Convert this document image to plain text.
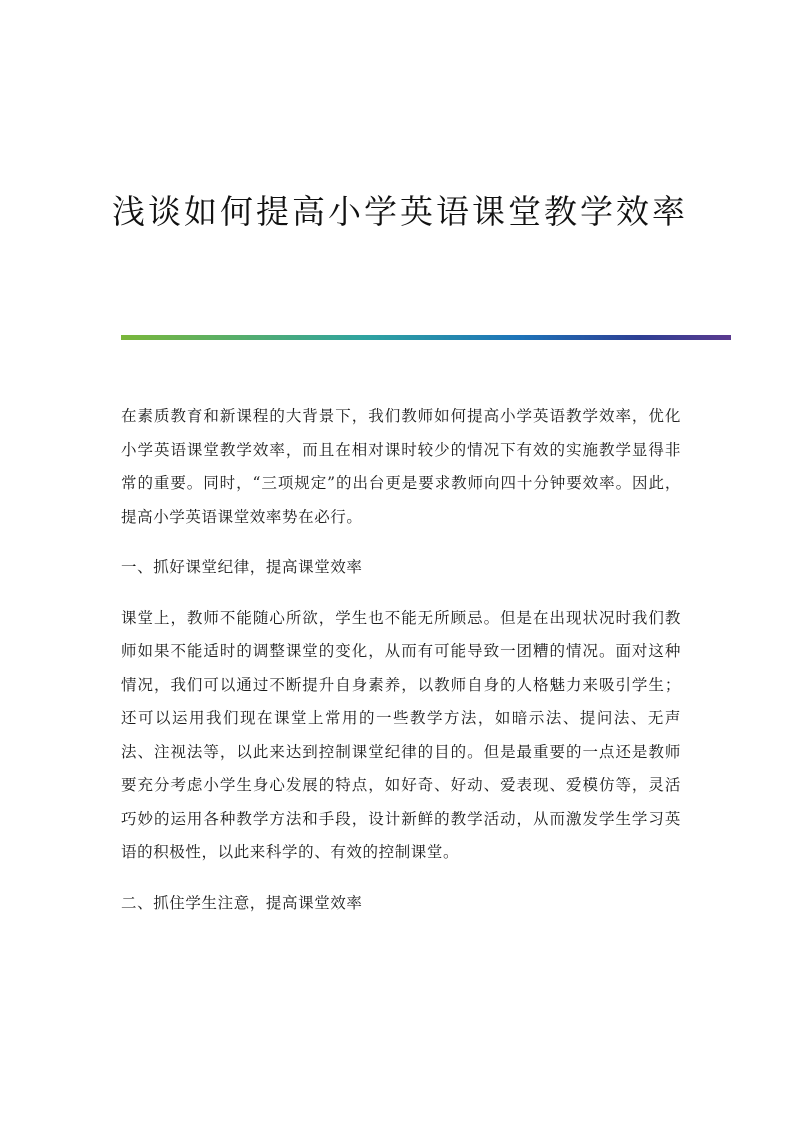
浅谈如何提高小学英语课堂教学效率

在素质教育和新课程的大背景下，我们教师如何提高小学英语教学效率，优化小学英语课堂教学效率，而且在相对课时较少的情况下有效的实施教学显得非常的重要。同时，“三项规定”的出台更是要求教师向四十分钟要效率。因此，提高小学英语课堂效率势在必行。

一、抓好课堂纪律，提高课堂效率

课堂上，教师不能随心所欲，学生也不能无所顾忌。但是在出现状况时我们教师如果不能适时的调整课堂的变化，从而有可能导致一团糟的情况。面对这种情况，我们可以通过不断提升自身素养，以教师自身的人格魅力来吸引学生；还可以运用我们现在课堂上常用的一些教学方法，如暗示法、提问法、无声法、注视法等，以此来达到控制课堂纪律的目的。但是最重要的一点还是教师要充分考虑小学生身心发展的特点，如好奇、好动、爱表现、爱模仿等，灵活巧妙的运用各种教学方法和手段，设计新鲜的教学活动，从而激发学生学习英语的积极性，以此来科学的、有效的控制课堂。

二、抓住学生注意，提高课堂效率
